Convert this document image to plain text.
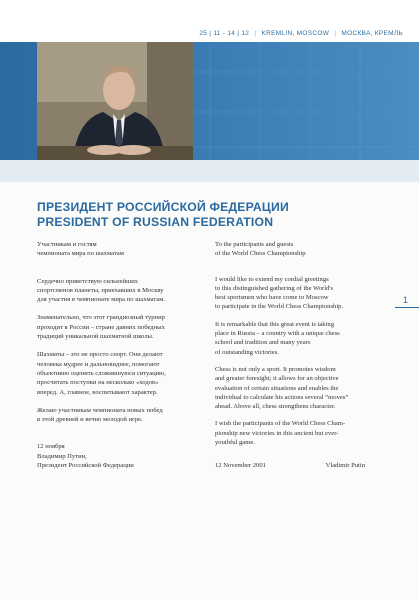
25 | 11 - 14 | 12 | KREMLIN, MOSCOW | МОСКВА, КРЕМЛЬ

ПРЕЗИДЕНТ РОССИЙСКОЙ ФЕДЕРАЦИИ

PRESIDENT OF RUSSIAN FEDERATION

Участникам и гостям
чемпионата мира по шахматам

Сердечно приветствую сильнейших
спортсменов планеты, приехавших в Москву
для участия в чемпионате мира по шахматам.

Знаменательно, что этот грандиозный турнир
проходит в России – стране давних победных
традиций уникальной шахматной школы.

Шахматы – это не просто спорт. Они делают
человека мудрее и дальновиднее, помогают
объективно оценить сложившуюся ситуацию,
просчитать поступки на несколько «ходов»
вперед. А, главное, воспитывают характер.

Желаю участникам чемпионата новых побед
в этой древней и вечно молодой игре.

12 ноября

Владимир Путин,

Президент Российской Федерации

To the participants and guests
of the World Chess Championship

I would like to extend my cordial greetings
to this distinguished gathering of the World's
best sportsmen who have come to Moscow
to participate in the World Chess Championship.

It is remarkable that this great event is taking
place in Russia – a country with a unique chess
school and tradition and many years
of outstanding victories.

Chess is not only a sport. It promotes wisdom
and greater foresight; it allows for an objective
evaluation of certain situations and enables the
individual to calculate his actions several “moves”
ahead. Above all, chess strengthens character.

I wish the participants of the World Chess Cham-
pionship new victories in this ancient but ever-
youthful game.

12 November 2001	Vladimir Putin
1
